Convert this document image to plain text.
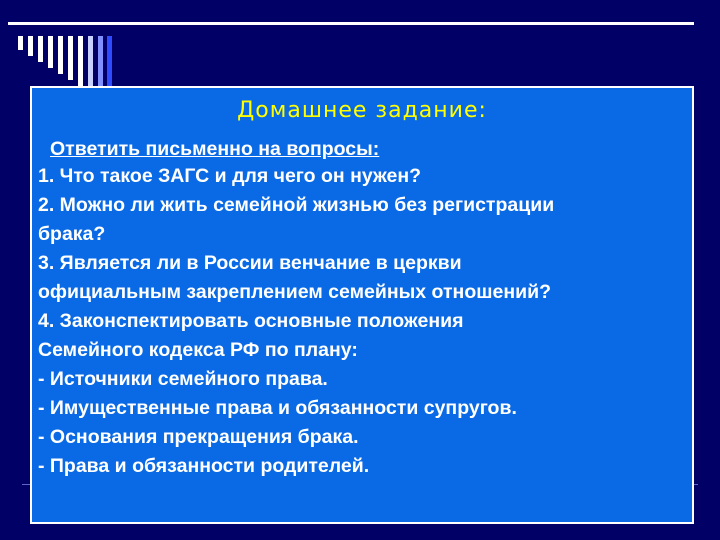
Домашнее задание:
Ответить письменно на вопросы:
1. Что такое ЗАГС и для чего он нужен?
2. Можно ли жить семейной жизнью без регистрации
брака?
3. Является ли в России венчание в церкви
официальным закреплением семейных отношений?
4. Законспектировать основные положения
Семейного кодекса РФ по плану:
- Источники семейного права.
- Имущественные права и обязанности супругов.
- Основания прекращения брака.
- Права и обязанности родителей.
